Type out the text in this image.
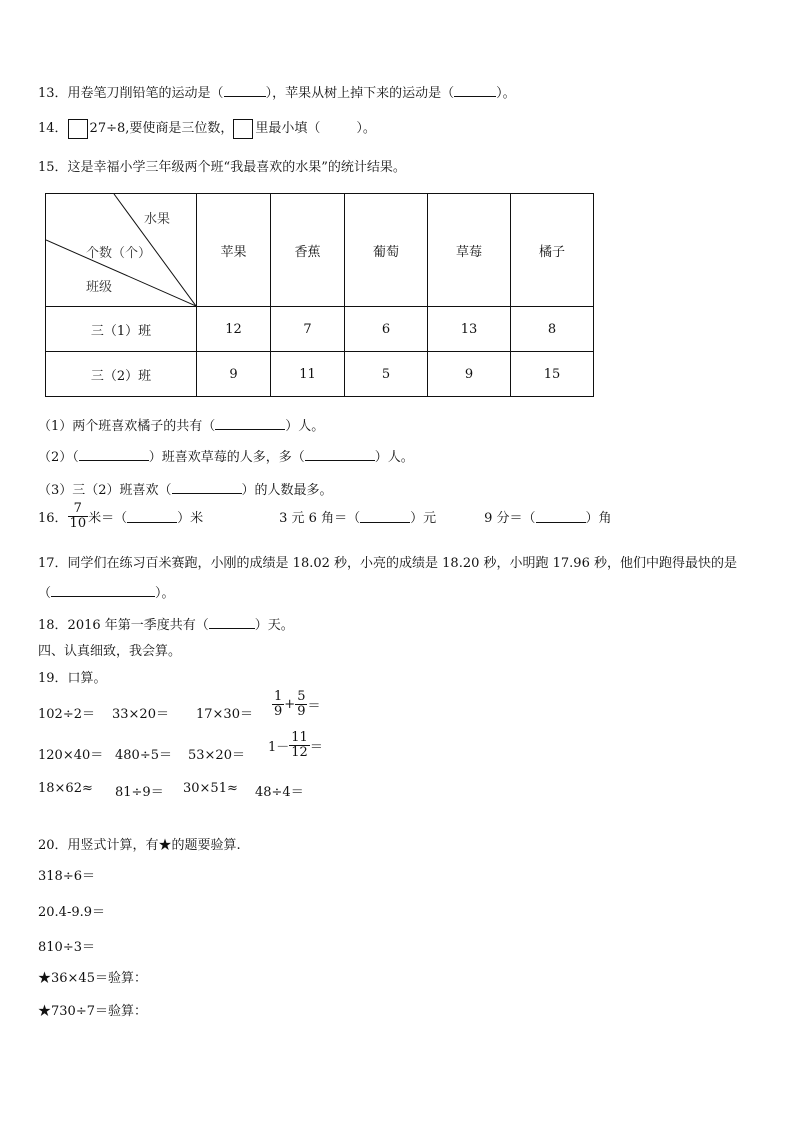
13．用卷笔刀削铅笔的运动是（	），苹果从树上掉下来的运动是（	）。
14． 27÷8,要使商是三位数， 里最小填（	）。
15．这是幸福小学三年级两个班“我最喜欢的水果”的统计结果。
水果
个数（个）
班级	苹果	香蕉	葡萄	草莓	橘子
三（1）班	12	7	6	13	8
三（2）班	9	11	5	9	15
（1）两个班喜欢橘子的共有（	）人。
（2）（	）班喜欢草莓的人多，多（	）人。
（3）三（2）班喜欢（	）的人数最多。
16． $\frac{7}{10}$ 米＝（	）米	3 元 6 角＝（	）元	9 分＝（	）角
17．同学们在练习百米赛跑，小刚的成绩是 18.02 秒，小亮的成绩是 18.20 秒，小明跑 17.96 秒，他们中跑得最快的是
（	）。
18．2016 年第一季度共有（	）天。
四、认真细致，我会算。
19．口算。
$102\div 2= 33\times 20= 17\times 30= \frac{1}{9} + \frac{5}{9}$ ＝
120×40＝ 480÷5＝ 53×20＝
$1- \frac{11}{12}$ ＝
18×62≈ 81÷9＝ 30×51≈ 48÷4＝
20．用竖式计算，有★的题要验算.
318÷6＝
20.4-9.9＝
810÷3＝
★36×45＝验算：
★730÷7＝验算：
